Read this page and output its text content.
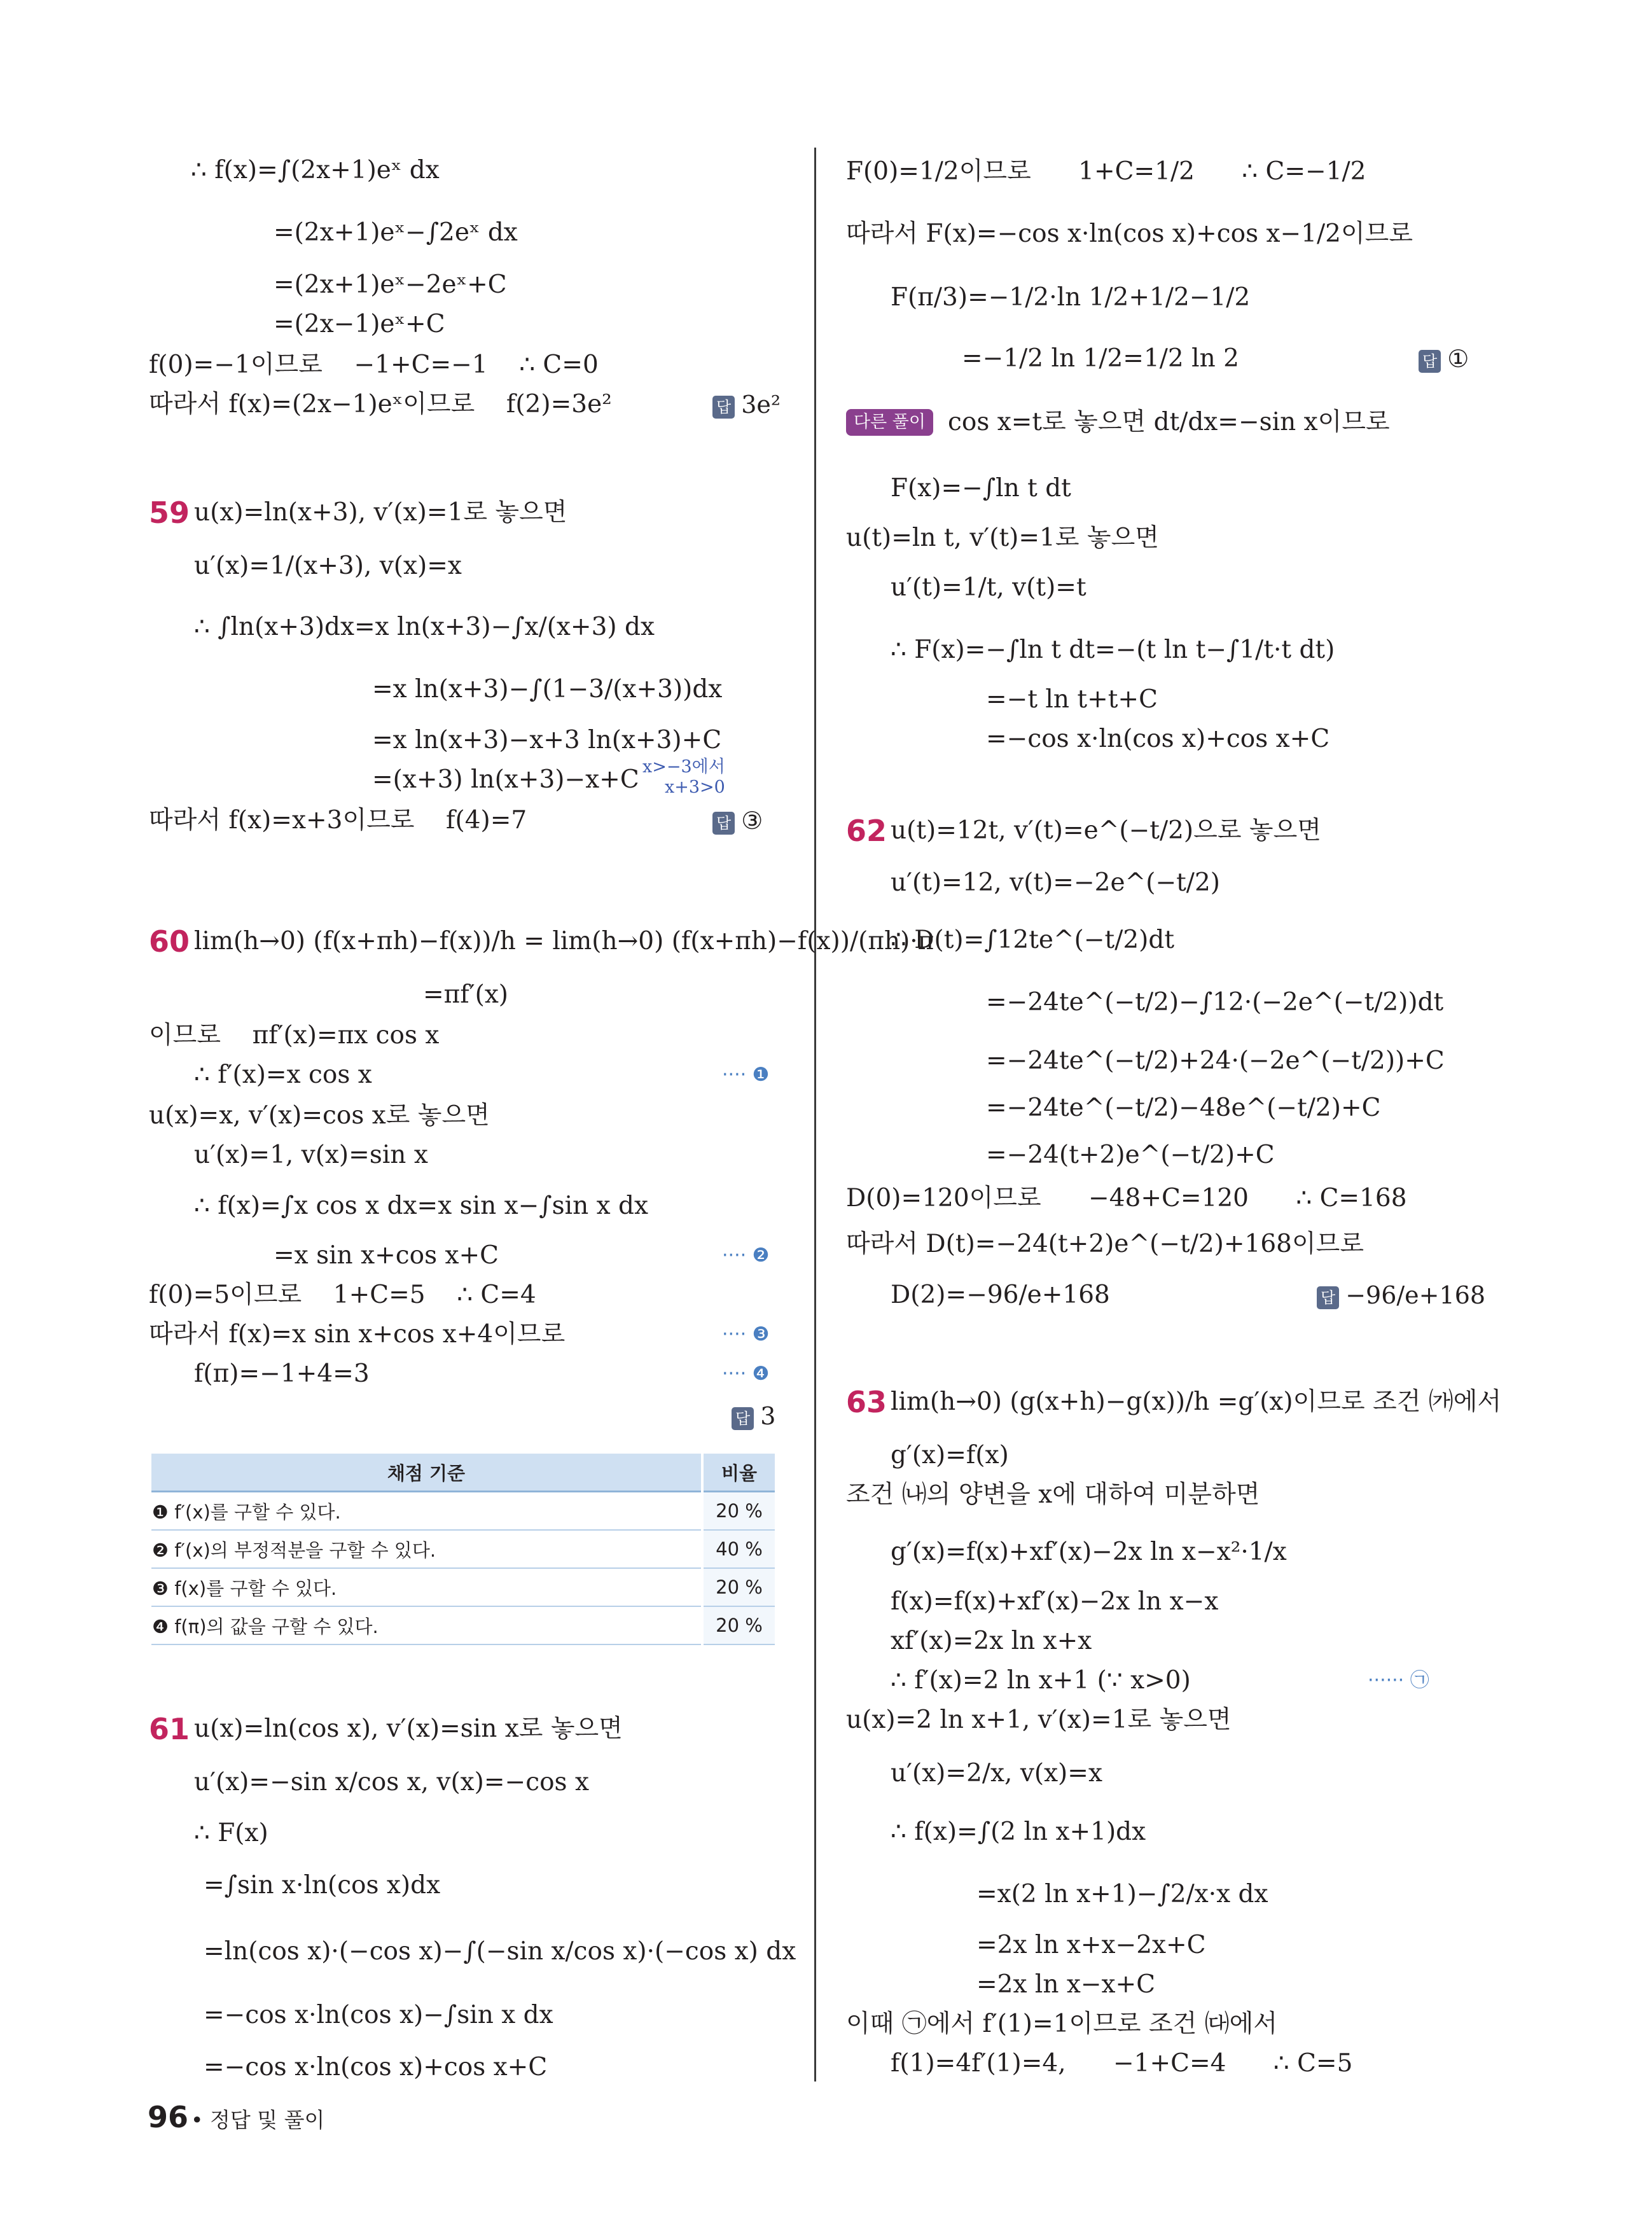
∴ f(x)=∫(2x+1)eˣ dx
=(2x+1)eˣ−∫2eˣ dx
=(2x+1)eˣ−2eˣ+C
=(2x−1)eˣ+C
f(0)=−1이므로    −1+C=−1    ∴ C=0
따라서 f(x)=(2x−1)eˣ이므로    f(2)=3e²	답 3e²
59 u(x)=ln(x+3), v′(x)=1로 놓으면
u′(x)=1/(x+3), v(x)=x
∴ ∫ln(x+3)dx=x ln(x+3)−∫x/(x+3) dx
=x ln(x+3)−∫(1−3/(x+3))dx
=x ln(x+3)−x+3 ln(x+3)+C
=(x+3) ln(x+3)−x+C x>−3에서
x+3>0
따라서 f(x)=x+3이므로    f(4)=7	답 ③
60 lim(h→0) (f(x+πh)−f(x))/h = lim(h→0) (f(x+πh)−f(x))/(πh)·π
=πf′(x)
이므로    πf′(x)=πx cos x
∴ f′(x)=x cos x	···· ❶
u(x)=x, v′(x)=cos x로 놓으면
u′(x)=1, v(x)=sin x
∴ f(x)=∫x cos x dx=x sin x−∫sin x dx
=x sin x+cos x+C	···· ❷
f(0)=5이므로    1+C=5    ∴ C=4
따라서 f(x)=x sin x+cos x+4이므로	···· ❸
f(π)=−1+4=3	···· ❹
답 3
채점 기준	비율
❶ f′(x)를 구할 수 있다.	20 %
❷ f′(x)의 부정적분을 구할 수 있다.	40 %
❸ f(x)를 구할 수 있다.	20 %
❹ f(π)의 값을 구할 수 있다.	20 %
61 u(x)=ln(cos x), v′(x)=sin x로 놓으면
u′(x)=−sin x/cos x, v(x)=−cos x
∴ F(x)
=∫sin x·ln(cos x)dx
=ln(cos x)·(−cos x)−∫(−sin x/cos x)·(−cos x) dx
=−cos x·ln(cos x)−∫sin x dx
=−cos x·ln(cos x)+cos x+C
96 • 정답 및 풀이
F(0)=1/2이므로      1+C=1/2      ∴ C=−1/2
따라서 F(x)=−cos x·ln(cos x)+cos x−1/2이므로
F(π/3)=−1/2·ln 1/2+1/2−1/2
=−1/2 ln 1/2=1/2 ln 2	답 ①
다른 풀이 cos x=t로 놓으면 dt/dx=−sin x이므로
F(x)=−∫ln t dt
u(t)=ln t, v′(t)=1로 놓으면
u′(t)=1/t, v(t)=t
∴ F(x)=−∫ln t dt=−(t ln t−∫1/t·t dt)
=−t ln t+t+C
=−cos x·ln(cos x)+cos x+C
62 u(t)=12t, v′(t)=e^(−t/2)으로 놓으면
u′(t)=12, v(t)=−2e^(−t/2)
∴ D(t)=∫12te^(−t/2)dt
=−24te^(−t/2)−∫12·(−2e^(−t/2))dt
=−24te^(−t/2)+24·(−2e^(−t/2))+C
=−24te^(−t/2)−48e^(−t/2)+C
=−24(t+2)e^(−t/2)+C
D(0)=120이므로      −48+C=120      ∴ C=168
따라서 D(t)=−24(t+2)e^(−t/2)+168이므로
D(2)=−96/e+168	답 −96/e+168
63 lim(h→0) (g(x+h)−g(x))/h =g′(x)이므로 조건 ㈎에서
g′(x)=f(x)
조건 ㈏의 양변을 x에 대하여 미분하면
g′(x)=f(x)+xf′(x)−2x ln x−x²·1/x
f(x)=f(x)+xf′(x)−2x ln x−x
xf′(x)=2x ln x+x
∴ f′(x)=2 ln x+1 (∵ x>0)	······ ㉠
u(x)=2 ln x+1, v′(x)=1로 놓으면
u′(x)=2/x, v(x)=x
∴ f(x)=∫(2 ln x+1)dx
=x(2 ln x+1)−∫2/x·x dx
=2x ln x+x−2x+C
=2x ln x−x+C
이때 ㉠에서 f′(1)=1이므로 조건 ㈐에서
f(1)=4f′(1)=4,      −1+C=4      ∴ C=5
